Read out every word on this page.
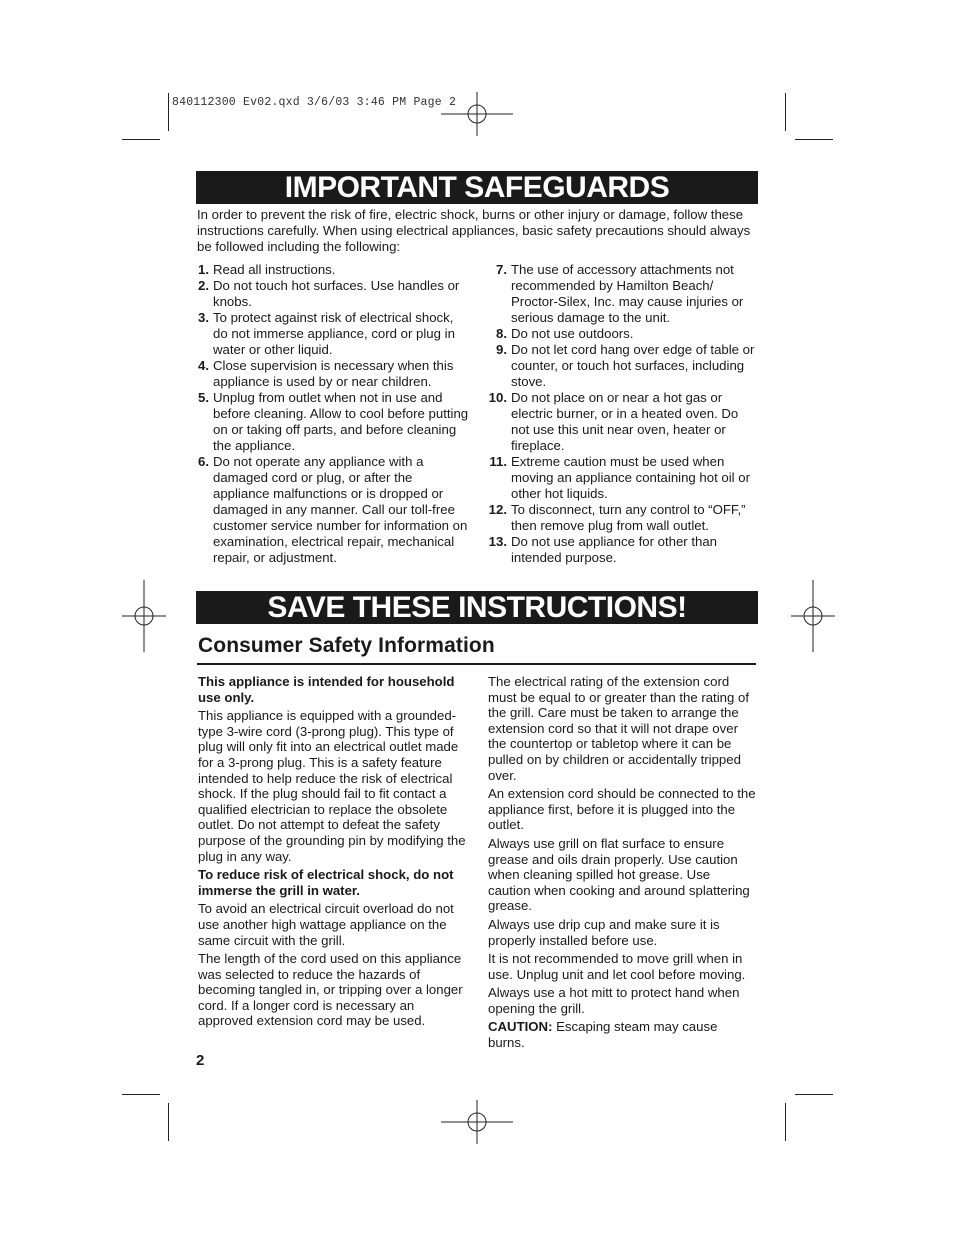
840112300 Ev02.qxd 3/6/03 3:46 PM Page 2
IMPORTANT SAFEGUARDS
In order to prevent the risk of fire, electric shock, burns or other injury or damage, follow these instructions carefully. When using electrical appliances, basic safety precautions should always be followed including the following:
1. Read all instructions.
2. Do not touch hot surfaces. Use handles or knobs.
3. To protect against risk of electrical shock, do not immerse appliance, cord or plug in water or other liquid.
4. Close supervision is necessary when this appliance is used by or near children.
5. Unplug from outlet when not in use and before cleaning. Allow to cool before putting on or taking off parts, and before cleaning the appliance.
6. Do not operate any appliance with a damaged cord or plug, or after the appliance malfunctions or is dropped or damaged in any manner. Call our toll-free customer service number for information on examination, electrical repair, mechanical repair, or adjustment.
7. The use of accessory attachments not recommended by Hamilton Beach/ Proctor-Silex, Inc. may cause injuries or serious damage to the unit.
8. Do not use outdoors.
9. Do not let cord hang over edge of table or counter, or touch hot surfaces, including stove.
10. Do not place on or near a hot gas or electric burner, or in a heated oven. Do not use this unit near oven, heater or fireplace.
11. Extreme caution must be used when moving an appliance containing hot oil or other hot liquids.
12. To disconnect, turn any control to “OFF,” then remove plug from wall outlet.
13. Do not use appliance for other than intended purpose.
SAVE THESE INSTRUCTIONS!
Consumer Safety Information

This appliance is intended for household use only.

This appliance is equipped with a grounded-type 3-wire cord (3-prong plug). This type of plug will only fit into an electrical outlet made for a 3-prong plug. This is a safety feature intended to help reduce the risk of electrical shock. If the plug should fail to fit contact a qualified electrician to replace the obsolete outlet. Do not attempt to defeat the safety purpose of the grounding pin by modifying the plug in any way.

To reduce risk of electrical shock, do not immerse the grill in water.

To avoid an electrical circuit overload do not use another high wattage appliance on the same circuit with the grill.

The length of the cord used on this appliance was selected to reduce the hazards of becoming tangled in, or tripping over a longer cord. If a longer cord is necessary an approved extension cord may be used.

The electrical rating of the extension cord must be equal to or greater than the rating of the grill. Care must be taken to arrange the extension cord so that it will not drape over the countertop or tabletop where it can be pulled on by children or accidentally tripped over.

An extension cord should be connected to the appliance first, before it is plugged into the outlet.

Always use grill on flat surface to ensure grease and oils drain properly. Use caution when cleaning spilled hot grease. Use caution when cooking and around splattering grease.

Always use drip cup and make sure it is properly installed before use.

It is not recommended to move grill when in use. Unplug unit and let cool before moving.

Always use a hot mitt to protect hand when opening the grill.

CAUTION: Escaping steam may cause burns.

2
